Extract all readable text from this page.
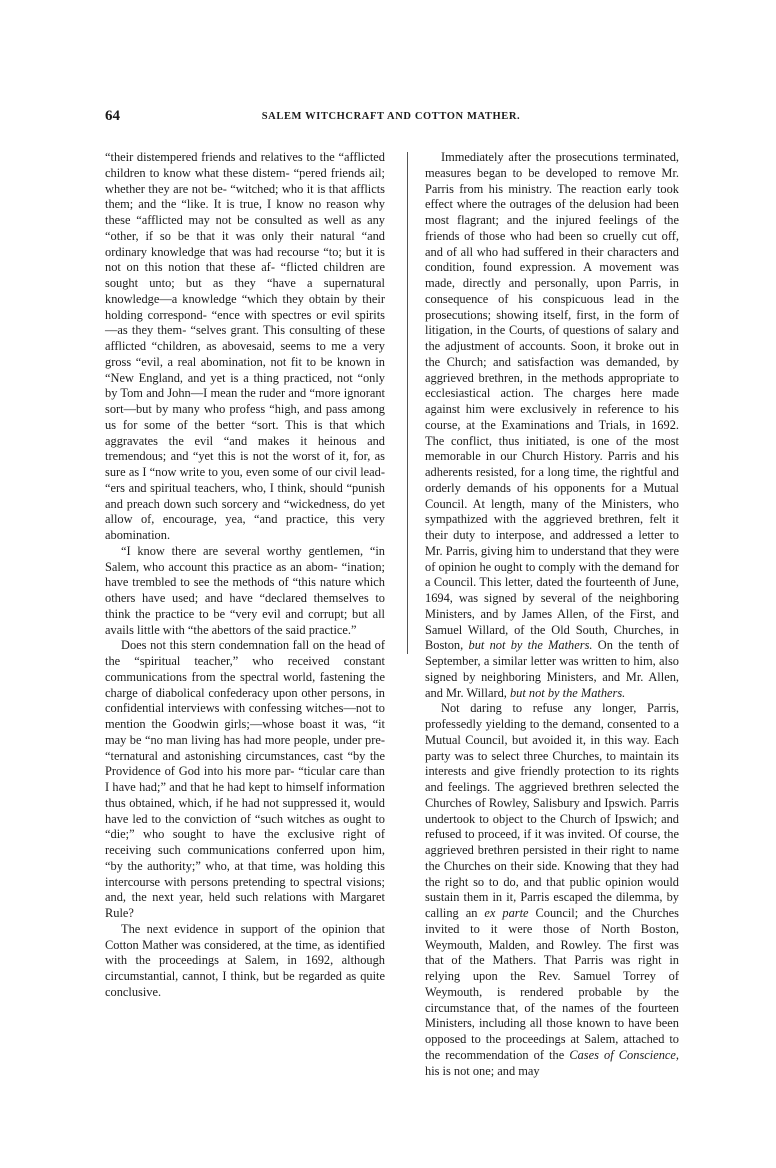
64	SALEM WITCHCRAFT AND COTTON MATHER.

“their distempered friends and relatives to the “afflicted children to know what these distem- “pered friends ail; whether they are not be- “witched; who it is that afflicts them; and the “like. It is true, I know no reason why these “afflicted may not be consulted as well as any “other, if so be that it was only their natural “and ordinary knowledge that was had recourse “to; but it is not on this notion that these af- “flicted children are sought unto; but as they “have a supernatural knowledge—a knowledge “which they obtain by their holding correspond- “ence with spectres or evil spirits—as they them- “selves grant. This consulting of these afflicted “children, as abovesaid, seems to me a very gross “evil, a real abomination, not fit to be known in “New England, and yet is a thing practiced, not “only by Tom and John—I mean the ruder and “more ignorant sort—but by many who profess “high, and pass among us for some of the better “sort. This is that which aggravates the evil “and makes it heinous and tremendous; and “yet this is not the worst of it, for, as sure as I “now write to you, even some of our civil lead- “ers and spiritual teachers, who, I think, should “punish and preach down such sorcery and “wickedness, do yet allow of, encourage, yea, “and practice, this very abomination.

“I know there are several worthy gentlemen, “in Salem, who account this practice as an abom- “ination; have trembled to see the methods of “this nature which others have used; and have “declared themselves to think the practice to be “very evil and corrupt; but all avails little with “the abettors of the said practice.”

Does not this stern condemnation fall on the head of the “spiritual teacher,” who received constant communications from the spectral world, fastening the charge of diabolical confederacy upon other persons, in confidential interviews with confessing witches—not to mention the Goodwin girls;—whose boast it was, “it may be “no man living has had more people, under pre- “ternatural and astonishing circumstances, cast “by the Providence of God into his more par- “ticular care than I have had;” and that he had kept to himself information thus obtained, which, if he had not suppressed it, would have led to the conviction of “such witches as ought to “die;” who sought to have the exclusive right of receiving such communications conferred upon him, “by the authority;” who, at that time, was holding this intercourse with persons pretending to spectral visions; and, the next year, held such relations with Margaret Rule?

The next evidence in support of the opinion that Cotton Mather was considered, at the time, as identified with the proceedings at Salem, in 1692, although circumstantial, cannot, I think, but be regarded as quite conclusive.

Immediately after the prosecutions terminated, measures began to be developed to remove Mr. Parris from his ministry. The reaction early took effect where the outrages of the delusion had been most flagrant; and the injured feelings of the friends of those who had been so cruelly cut off, and of all who had suffered in their characters and condition, found expression. A movement was made, directly and personally, upon Parris, in consequence of his conspicuous lead in the prosecutions; showing itself, first, in the form of litigation, in the Courts, of questions of salary and the adjustment of accounts. Soon, it broke out in the Church; and satisfaction was demanded, by aggrieved brethren, in the methods appropriate to ecclesiastical action. The charges here made against him were exclusively in reference to his course, at the Examinations and Trials, in 1692. The conflict, thus initiated, is one of the most memorable in our Church History. Parris and his adherents resisted, for a long time, the rightful and orderly demands of his opponents for a Mutual Council. At length, many of the Ministers, who sympathized with the aggrieved brethren, felt it their duty to interpose, and addressed a letter to Mr. Parris, giving him to understand that they were of opinion he ought to comply with the demand for a Council. This letter, dated the fourteenth of June, 1694, was signed by several of the neighboring Ministers, and by James Allen, of the First, and Samuel Willard, of the Old South, Churches, in Boston, but not by the Mathers. On the tenth of September, a similar letter was written to him, also signed by neighboring Ministers, and Mr. Allen, and Mr. Willard, but not by the Mathers.

Not daring to refuse any longer, Parris, professedly yielding to the demand, consented to a Mutual Council, but avoided it, in this way. Each party was to select three Churches, to maintain its interests and give friendly protection to its rights and feelings. The aggrieved brethren selected the Churches of Rowley, Salisbury and Ipswich. Parris undertook to object to the Church of Ipswich; and refused to proceed, if it was invited. Of course, the aggrieved brethren persisted in their right to name the Churches on their side. Knowing that they had the right so to do, and that public opinion would sustain them in it, Parris escaped the dilemma, by calling an ex parte Council; and the Churches invited to it were those of North Boston, Weymouth, Malden, and Rowley. The first was that of the Mathers. That Parris was right in relying upon the Rev. Samuel Torrey of Weymouth, is rendered probable by the circumstance that, of the names of the fourteen Ministers, including all those known to have been opposed to the proceedings at Salem, attached to the recommendation of the Cases of Conscience, his is not one; and may
